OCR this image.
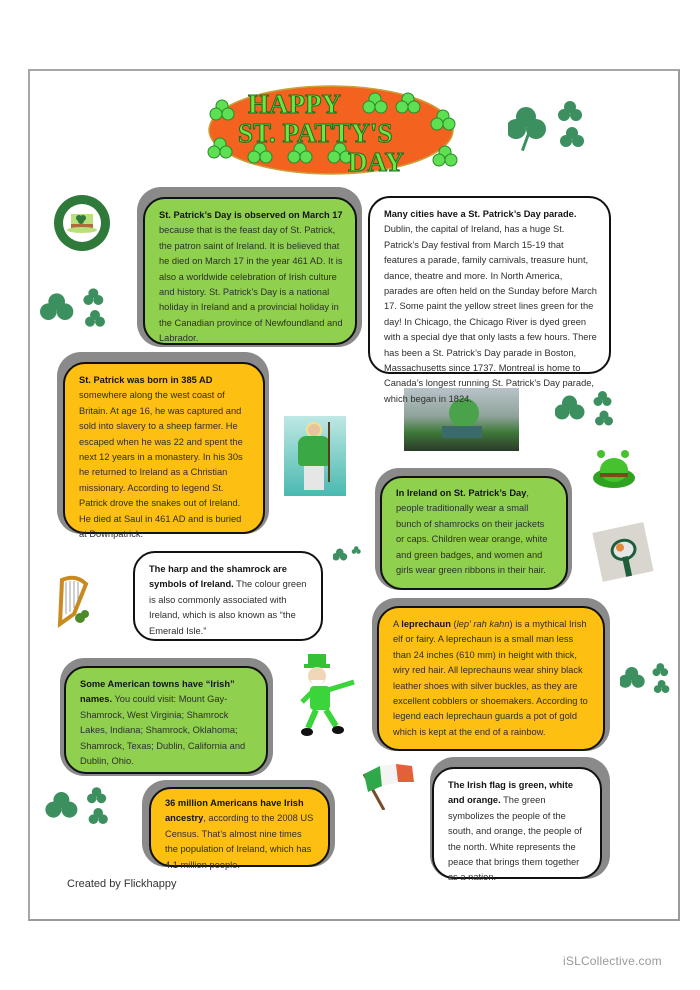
HAPPY
ST. PATTY'S
DAY
St. Patrick’s Day is observed on March 17 because that is the feast day of St. Patrick, the patron saint of Ireland. It is believed that he died on March 17 in the year 461 AD. It is also a worldwide celebration of Irish culture and history. St. Patrick’s Day is a national holiday in Ireland and a provincial holiday in the Canadian province of Newfoundland and Labrador.
Many cities have a St. Patrick’s Day parade. Dublin, the capital of Ireland, has a huge St. Patrick’s Day festival from March 15-19 that features a parade, family carnivals, treasure hunt, dance, theatre and more. In North America, parades are often held on the Sunday before March 17. Some paint the yellow street lines green for the day! In Chicago, the Chicago River is dyed green with a special dye that only lasts a few hours. There has been a St. Patrick’s Day parade in Boston, Massachusetts since 1737. Montreal is home to Canada’s longest running St. Patrick’s Day parade, which began in 1824.
St. Patrick was born in 385 AD somewhere along the west coast of Britain. At age 16, he was captured and sold into slavery to a sheep farmer. He escaped when he was 22 and spent the next 12 years in a monastery. In his 30s he returned to Ireland as a Christian missionary. According to legend St. Patrick drove the snakes out of Ireland. He died at Saul in 461 AD and is buried at Downpatrick.
In Ireland on St. Patrick’s Day, people traditionally wear a small bunch of shamrocks on their jackets or caps. Children wear orange, white and green badges, and women and girls wear green ribbons in their hair.
The harp and the shamrock are symbols of Ireland. The colour green is also commonly associated with Ireland, which is also known as “the Emerald Isle.”
A leprechaun (lep' rah kahn) is a mythical Irish elf or fairy. A leprechaun is a small man less than 24 inches (610 mm) in height with thick, wiry red hair. All leprechauns wear shiny black leather shoes with silver buckles, as they are excellent cobblers or shoemakers. According to legend each leprechaun guards a pot of gold which is kept at the end of a rainbow.
Some American towns have “Irish” names. You could visit: Mount Gay-Shamrock, West Virginia; Shamrock Lakes, Indiana; Shamrock, Oklahoma; Shamrock, Texas; Dublin, California and Dublin, Ohio.
36 million Americans have Irish ancestry, according to the 2008 US Census. That’s almost nine times the population of Ireland, which has 4.1 million people.
The Irish flag is green, white and orange. The green symbolizes the people of the south, and orange, the people of the north. White represents the peace that brings them together as a nation.
Created by Flickhappy
iSLCollective.com
